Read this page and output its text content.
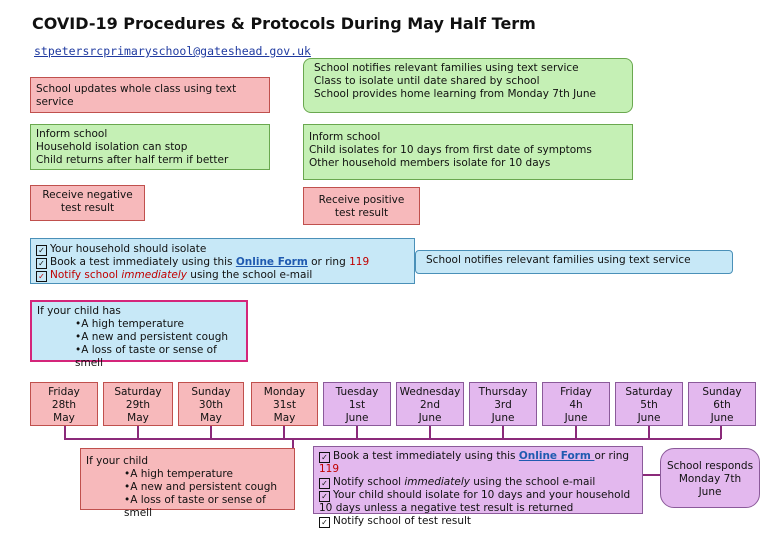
COVID-19 Procedures & Protocols During May Half Term
stpetersrcprimaryschool@gateshead.gov.uk
School updates whole class using text service
School notifies relevant families using text service
Class to isolate until date shared by school
School provides home learning from Monday 7th June
Inform school
Household isolation can stop
Child returns after half term if better
Inform school
Child isolates for 10 days from first date of symptoms
Other household members isolate for 10 days
Receive negative test result
Receive positive test result
✓ Your household should isolate
✓ Book a test immediately using this Online Form or ring 119
✓ Notify school immediately using the school e-mail
School notifies relevant families using text service
If your child has
•A high temperature
•A new and persistent cough
•A loss of taste or sense of smell
Friday
28th
May
Saturday
29th
May
Sunday
30th
May
Monday
31st
May
Tuesday
1st
June
Wednesday
2nd
June
Thursday
3rd
June
Friday
4h
June
Saturday
5th
June
Sunday
6th
June
If your child
•A high temperature
•A new and persistent cough
•A loss of taste or sense of smell
✓ Book a test immediately using this Online Form or ring 119
✓ Notify school immediately using the school e-mail
✓ Your child should isolate for 10 days and your household
10 days unless a negative test result is returned
✓ Notify school of test result
School responds Monday 7th June
